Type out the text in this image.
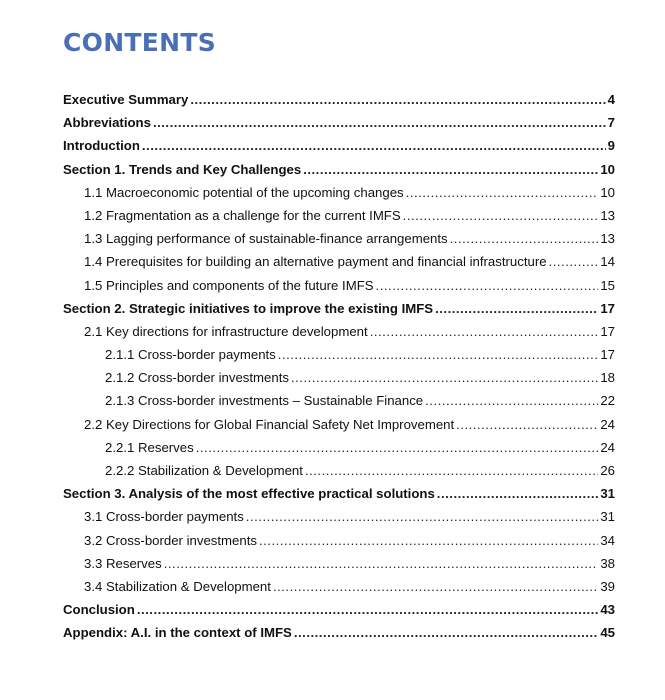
CONTENTS
Executive Summary .....	4
Abbreviations .....	7
Introduction .....	9
Section 1. Trends and Key Challenges .....	10
1.1 Macroeconomic potential of the upcoming changes .....	10
1.2 Fragmentation as a challenge for the current IMFS .....	13
1.3 Lagging performance of sustainable-finance arrangements .....	13
1.4 Prerequisites for building an alternative payment and financial infrastructure .....	14
1.5 Principles and components of the future IMFS .....	15
Section 2. Strategic initiatives to improve the existing IMFS .....	17
2.1 Key directions for infrastructure development .....	17
2.1.1 Cross-border payments .....	17
2.1.2 Cross-border investments .....	18
2.1.3 Cross-border investments – Sustainable Finance .....	22
2.2 Key Directions for Global Financial Safety Net Improvement .....	24
2.2.1 Reserves .....	24
2.2.2 Stabilization & Development .....	26
Section 3. Analysis of the most effective practical solutions .....	31
3.1 Cross-border payments .....	31
3.2 Cross-border investments .....	34
3.3 Reserves .....	38
3.4 Stabilization & Development .....	39
Conclusion .....	43
Appendix: A.I. in the context of IMFS .....	45
